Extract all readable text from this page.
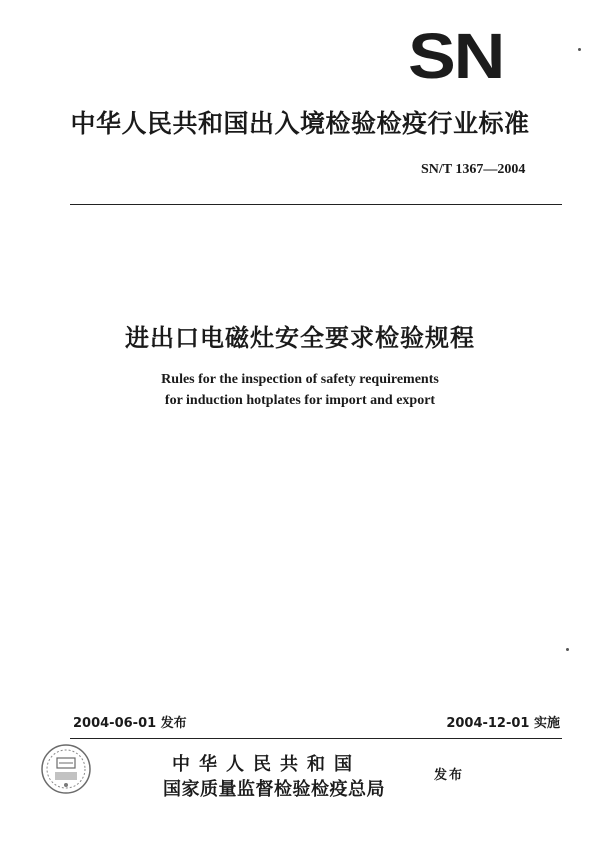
SN
中华人民共和国出入境检验检疫行业标准
SN/T 1367—2004
进出口电磁灶安全要求检验规程
Rules for the inspection of safety requirements
for induction hotplates for import and export
2004-06-01 发布	2004-12-01 实施
中华人民共和国
国家质量监督检验检疫总局
发布
